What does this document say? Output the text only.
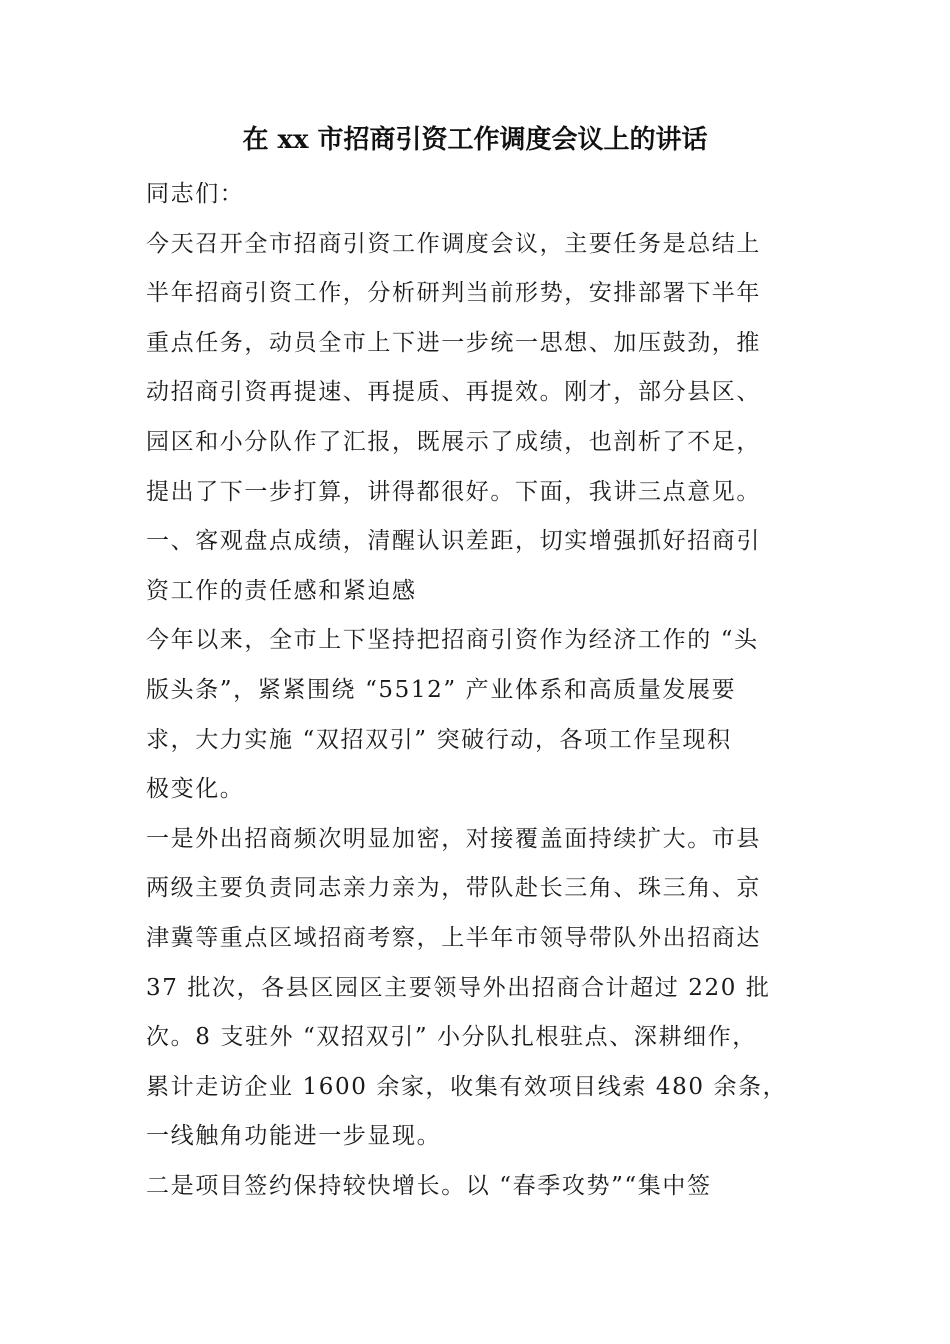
在 xx 市招商引资工作调度会议上的讲话
同志们：
今天召开全市招商引资工作调度会议，主要任务是总结上
半年招商引资工作，分析研判当前形势，安排部署下半年
重点任务，动员全市上下进一步统一思想、加压鼓劲，推
动招商引资再提速、再提质、再提效。刚才，部分县区、
园区和小分队作了汇报，既展示了成绩，也剖析了不足，
提出了下一步打算，讲得都很好。下面，我讲三点意见。
一、客观盘点成绩，清醒认识差距，切实增强抓好招商引
资工作的责任感和紧迫感
今年以来，全市上下坚持把招商引资作为经济工作的 “头
版头条”，紧紧围绕 “5512” 产业体系和高质量发展要
求，大力实施 “双招双引” 突破行动，各项工作呈现积
极变化。
一是外出招商频次明显加密，对接覆盖面持续扩大。市县
两级主要负责同志亲力亲为，带队赴长三角、珠三角、京
津冀等重点区域招商考察，上半年市领导带队外出招商达
37 批次，各县区园区主要领导外出招商合计超过 220 批
次。8 支驻外 “双招双引” 小分队扎根驻点、深耕细作，
累计走访企业 1600 余家，收集有效项目线索 480 余条，
一线触角功能进一步显现。
二是项目签约保持较快增长。以 “春季攻势”“集中签
